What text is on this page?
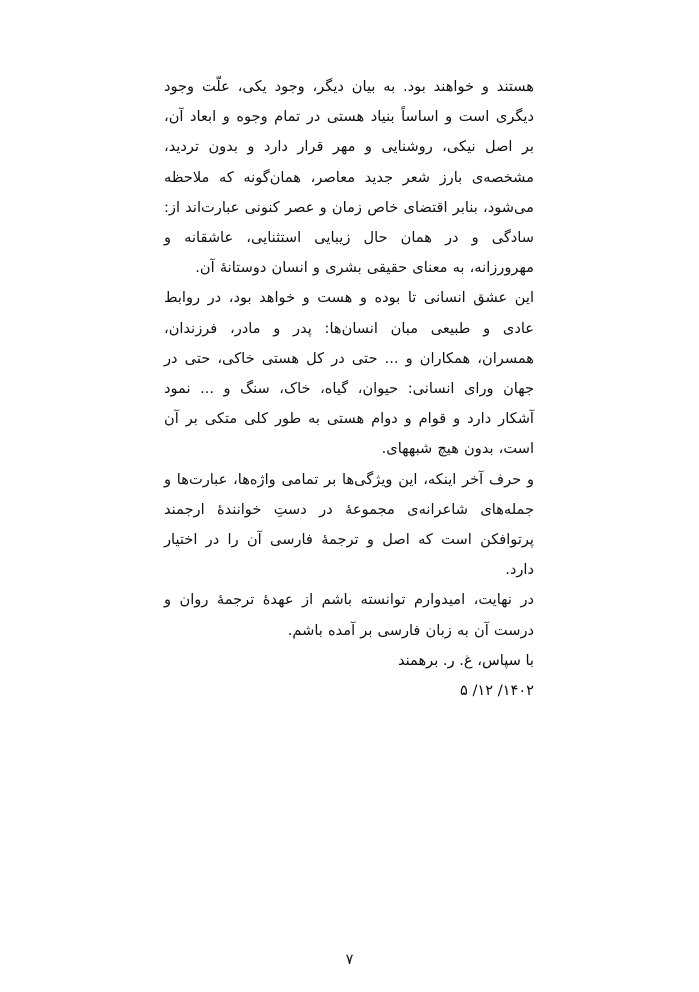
هستند و خواهند بود. به بیان دیگر، وجود یکی، علّت وجود دیگری است و اساساً بنیاد هستی در تمام وجوه و ابعاد آن، بر اصل نیکی، روشنایی و مهر قرار دارد و بدون تردید، مشخصه‌ی بارز شعر جدید معاصر، همان‌گونه که ملاحظه می‌شود، بنابر اقتضای خاص زمان و عصر کنونی عبارت‌اند از: سادگی و در همان حال زیبایی استثنایی، عاشقانه و مهرورزانه، به معنای حقیقی بشری و انسان دوستانهٔ آن.

این عشق انسانی تا بوده و هست و خواهد بود، در روابط عادی و طبیعی مبان انسان‌ها: پدر و مادر، فرزندان، همسران، همکاران و ... حتی در کل هستی خاکی، حتی در جهان ورای انسانی: حیوان، گیاه، خاک، سنگ و ... نمود آشکار دارد و قوام و دوام هستی به طور کلی متکی بر آن است، بدون هیچ شبههای.

و حرف آخر اینکه، این ویژگی‌ها بر تمامی واژه‌ها، عبارت‌ها و جمله‌های شاعرانه‌ی مجموعهٔ در دستِ خوانندهٔ ارجمند پرتوافکن است که اصل و ترجمهٔ فارسی آن را در اختیار دارد.

در نهایت، امیدوارم توانسته باشم از عهدهٔ ترجمهٔ روان و درست آن به زبان فارسی بر آمده باشم.

با سپاس، غ. ر. برهمند

۱۴۰۲/ ۱۲/ ۵

۷
